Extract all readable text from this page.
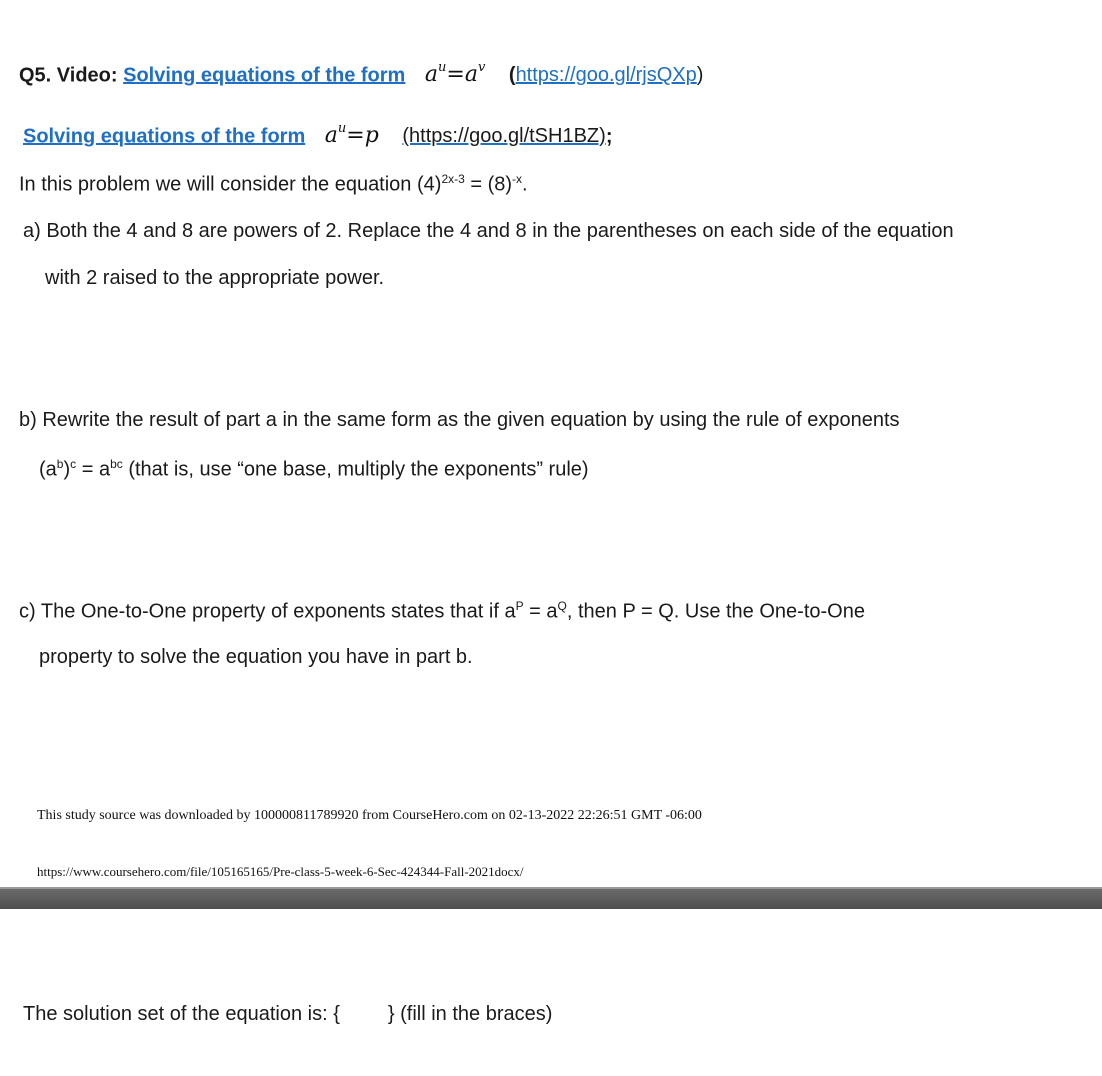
Q5. Video: Solving equations of the form $a^u=a^v$ (https://goo.gl/rjsQXp)
Solving equations of the form $a^u=p$ (https://goo.gl/tSH1BZ);
In this problem we will consider the equation $(4)^{2x-3} = (8)^{-x}$.
a) Both the 4 and 8 are powers of 2. Replace the 4 and 8 in the parentheses on each side of the equation
with 2 raised to the appropriate power.
b) Rewrite the result of part a in the same form as the given equation by using the rule of exponents
$(a^b)^c = a^{bc}$ (that is, use “one base, multiply the exponents” rule)
c) The One-to-One property of exponents states that if $a^P = a^Q$, then P = Q. Use the One-to-One
property to solve the equation you have in part b.
This study source was downloaded by 100000811789920 from CourseHero.com on 02-13-2022 22:26:51 GMT -06:00
https://www.coursehero.com/file/105165165/Pre-class-5-week-6-Sec-424344-Fall-2021docx/
The solution set of the equation is: { } (fill in the braces)
